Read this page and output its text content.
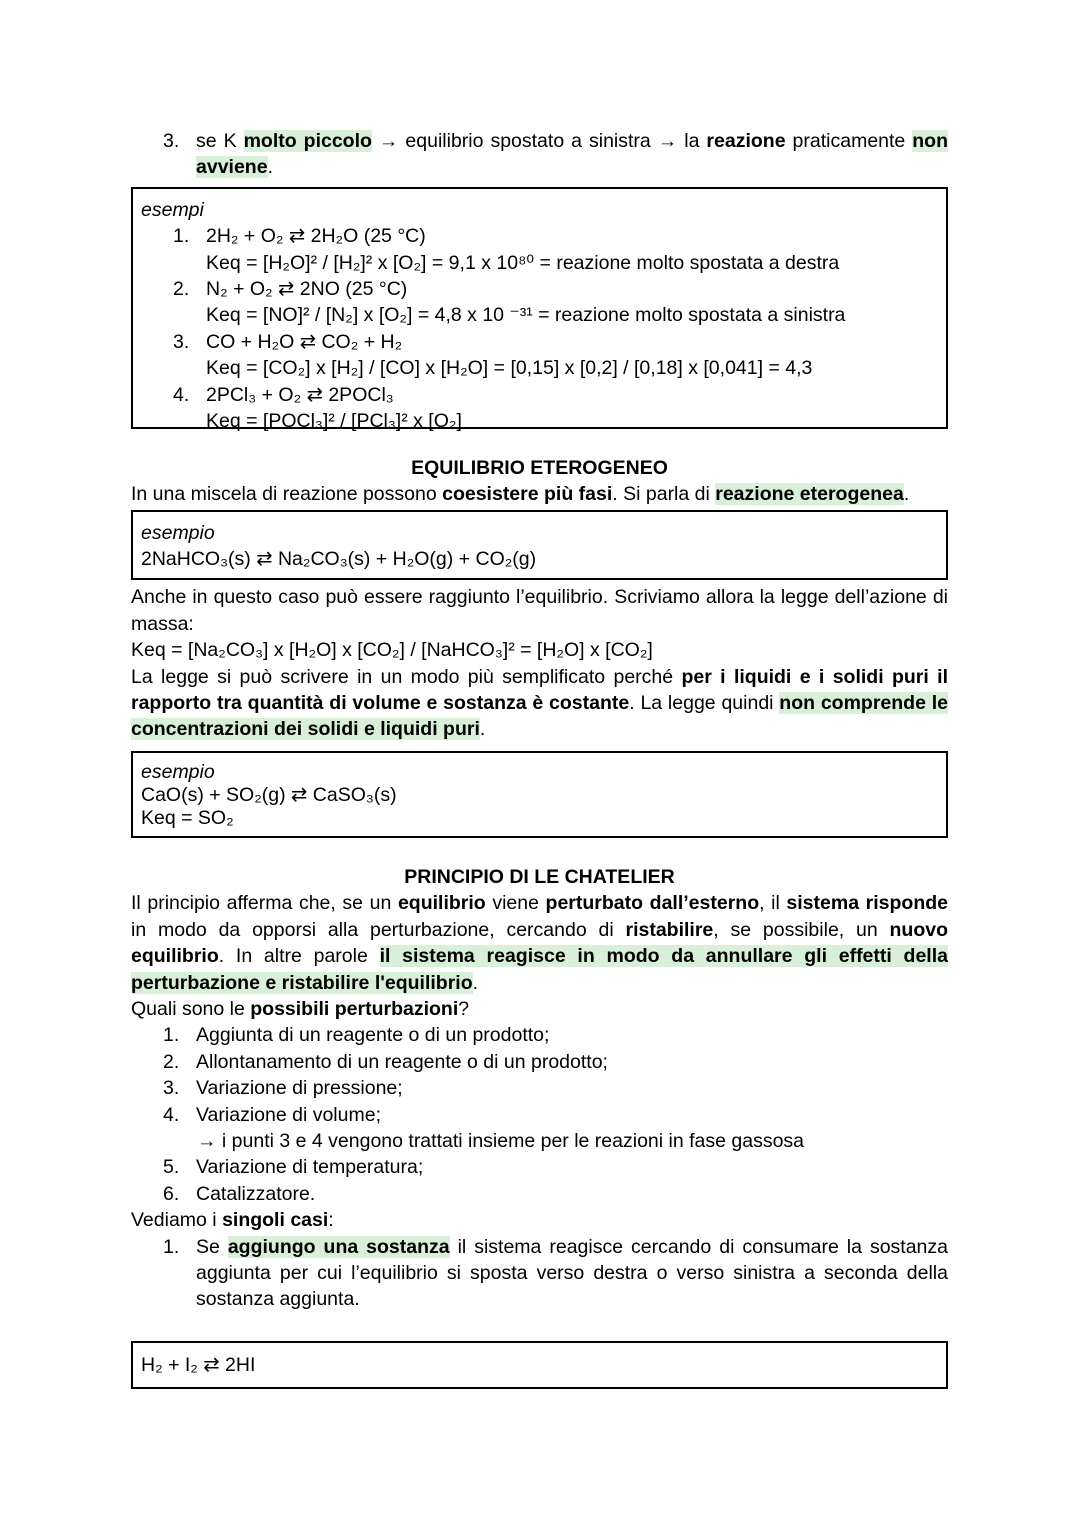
3. se K molto piccolo → equilibrio spostato a sinistra → la reazione praticamente non avviene.
esempi
1. 2H₂ + O₂ ⇄ 2H₂O (25 °C)
Keq = [H₂O]² / [H₂]² x [O₂] = 9,1 x 10⁸⁰ = reazione molto spostata a destra
2. N₂ + O₂ ⇄ 2NO (25 °C)
Keq = [NO]² / [N₂] x [O₂] = 4,8 x 10 ⁻³¹ = reazione molto spostata a sinistra
3. CO + H₂O ⇄ CO₂ + H₂
Keq = [CO₂] x [H₂] / [CO] x [H₂O] = [0,15] x [0,2] / [0,18] x [0,041] = 4,3
4. 2PCl₃ + O₂ ⇄ 2POCl₃
Keq = [POCl₃]² / [PCl₃]² x [O₂]
EQUILIBRIO ETEROGENEO
In una miscela di reazione possono coesistere più fasi. Si parla di reazione eterogenea.
esempio
2NaHCO₃(s) ⇄ Na₂CO₃(s) + H₂O(g) + CO₂(g)
Anche in questo caso può essere raggiunto l’equilibrio. Scriviamo allora la legge dell’azione di massa:
Keq = [Na₂CO₃] x [H₂O] x [CO₂] / [NaHCO₃]² = [H₂O] x [CO₂]
La legge si può scrivere in un modo più semplificato perché per i liquidi e i solidi puri il rapporto tra quantità di volume e sostanza è costante. La legge quindi non comprende le concentrazioni dei solidi e liquidi puri.
esempio
CaO(s) + SO₂(g) ⇄ CaSO₃(s)
Keq = SO₂
PRINCIPIO DI LE CHATELIER
Il principio afferma che, se un equilibrio viene perturbato dall’esterno, il sistema risponde in modo da opporsi alla perturbazione, cercando di ristabilire, se possibile, un nuovo equilibrio. In altre parole il sistema reagisce in modo da annullare gli effetti della perturbazione e ristabilire l'equilibrio.
Quali sono le possibili perturbazioni?
1. Aggiunta di un reagente o di un prodotto;
2. Allontanamento di un reagente o di un prodotto;
3. Variazione di pressione;
4. Variazione di volume;
→ i punti 3 e 4 vengono trattati insieme per le reazioni in fase gassosa
5. Variazione di temperatura;
6. Catalizzatore.
Vediamo i singoli casi:
1. Se aggiungo una sostanza il sistema reagisce cercando di consumare la sostanza aggiunta per cui l’equilibrio si sposta verso destra o verso sinistra a seconda della sostanza aggiunta.
H₂ + I₂ ⇄ 2HI
